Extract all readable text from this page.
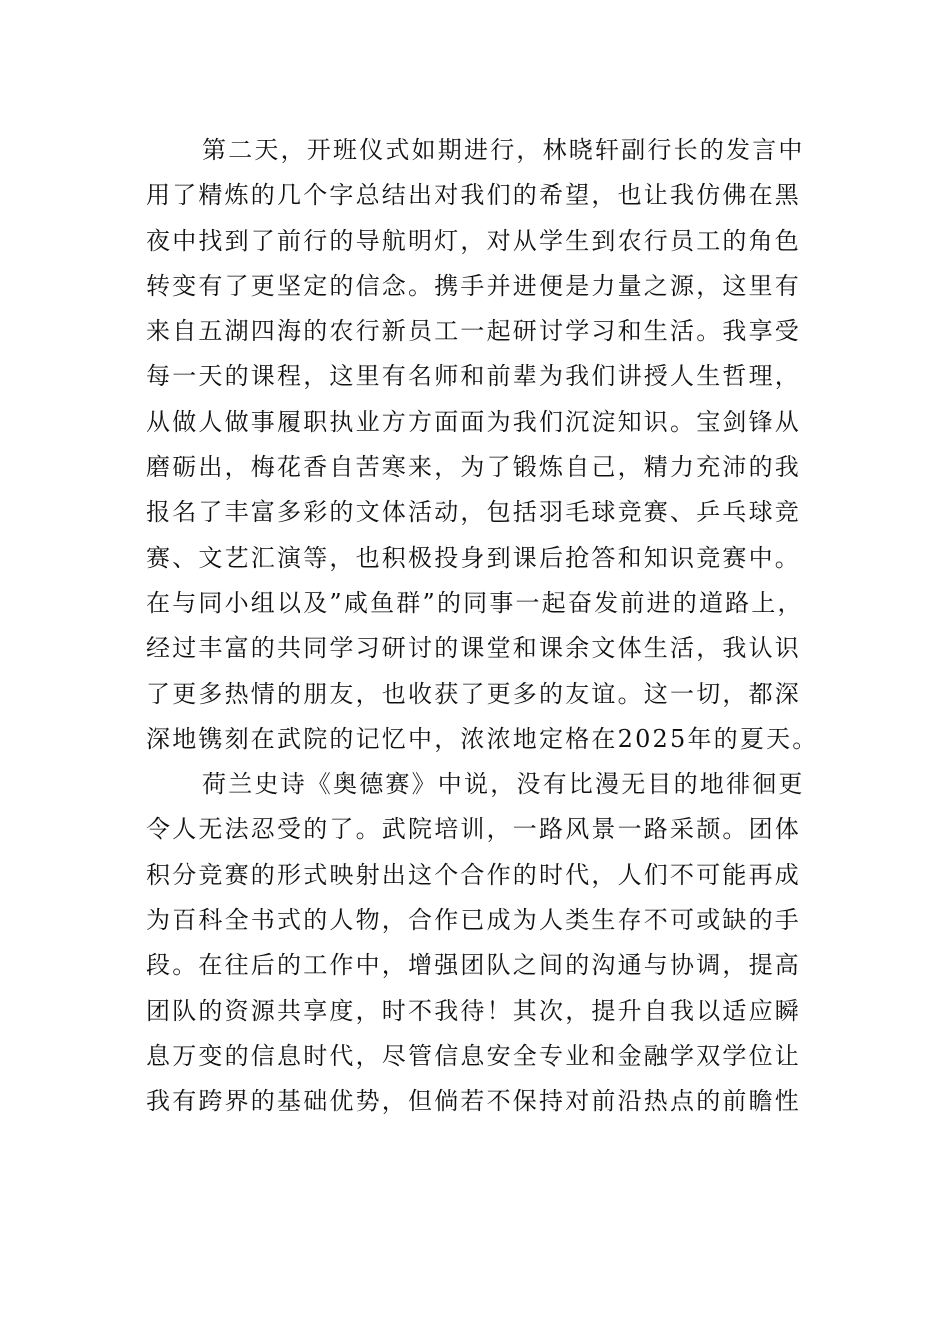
第二天，开班仪式如期进行，林晓轩副行长的发言中
用了精炼的几个字总结出对我们的希望，也让我仿佛在黑
夜中找到了前行的导航明灯，对从学生到农行员工的角色
转变有了更坚定的信念。携手并进便是力量之源，这里有
来自五湖四海的农行新员工一起研讨学习和生活。我享受
每一天的课程，这里有名师和前辈为我们讲授人生哲理，
从做人做事履职执业方方面面为我们沉淀知识。宝剑锋从
磨砺出，梅花香自苦寒来，为了锻炼自己，精力充沛的我
报名了丰富多彩的文体活动，包括羽毛球竞赛、乒乓球竞
赛、文艺汇演等，也积极投身到课后抢答和知识竞赛中。
在与同小组以及”咸鱼群”的同事一起奋发前进的道路上，
经过丰富的共同学习研讨的课堂和课余文体生活，我认识
了更多热情的朋友，也收获了更多的友谊。这一切，都深
深地镌刻在武院的记忆中，浓浓地定格在2025年的夏天。
荷兰史诗《奥德赛》中说，没有比漫无目的地徘徊更
令人无法忍受的了。武院培训，一路风景一路采颉。团体
积分竞赛的形式映射出这个合作的时代，人们不可能再成
为百科全书式的人物，合作已成为人类生存不可或缺的手
段。在往后的工作中，增强团队之间的沟通与协调，提高
团队的资源共享度，时不我待！其次，提升自我以适应瞬
息万变的信息时代，尽管信息安全专业和金融学双学位让
我有跨界的基础优势，但倘若不保持对前沿热点的前瞻性
